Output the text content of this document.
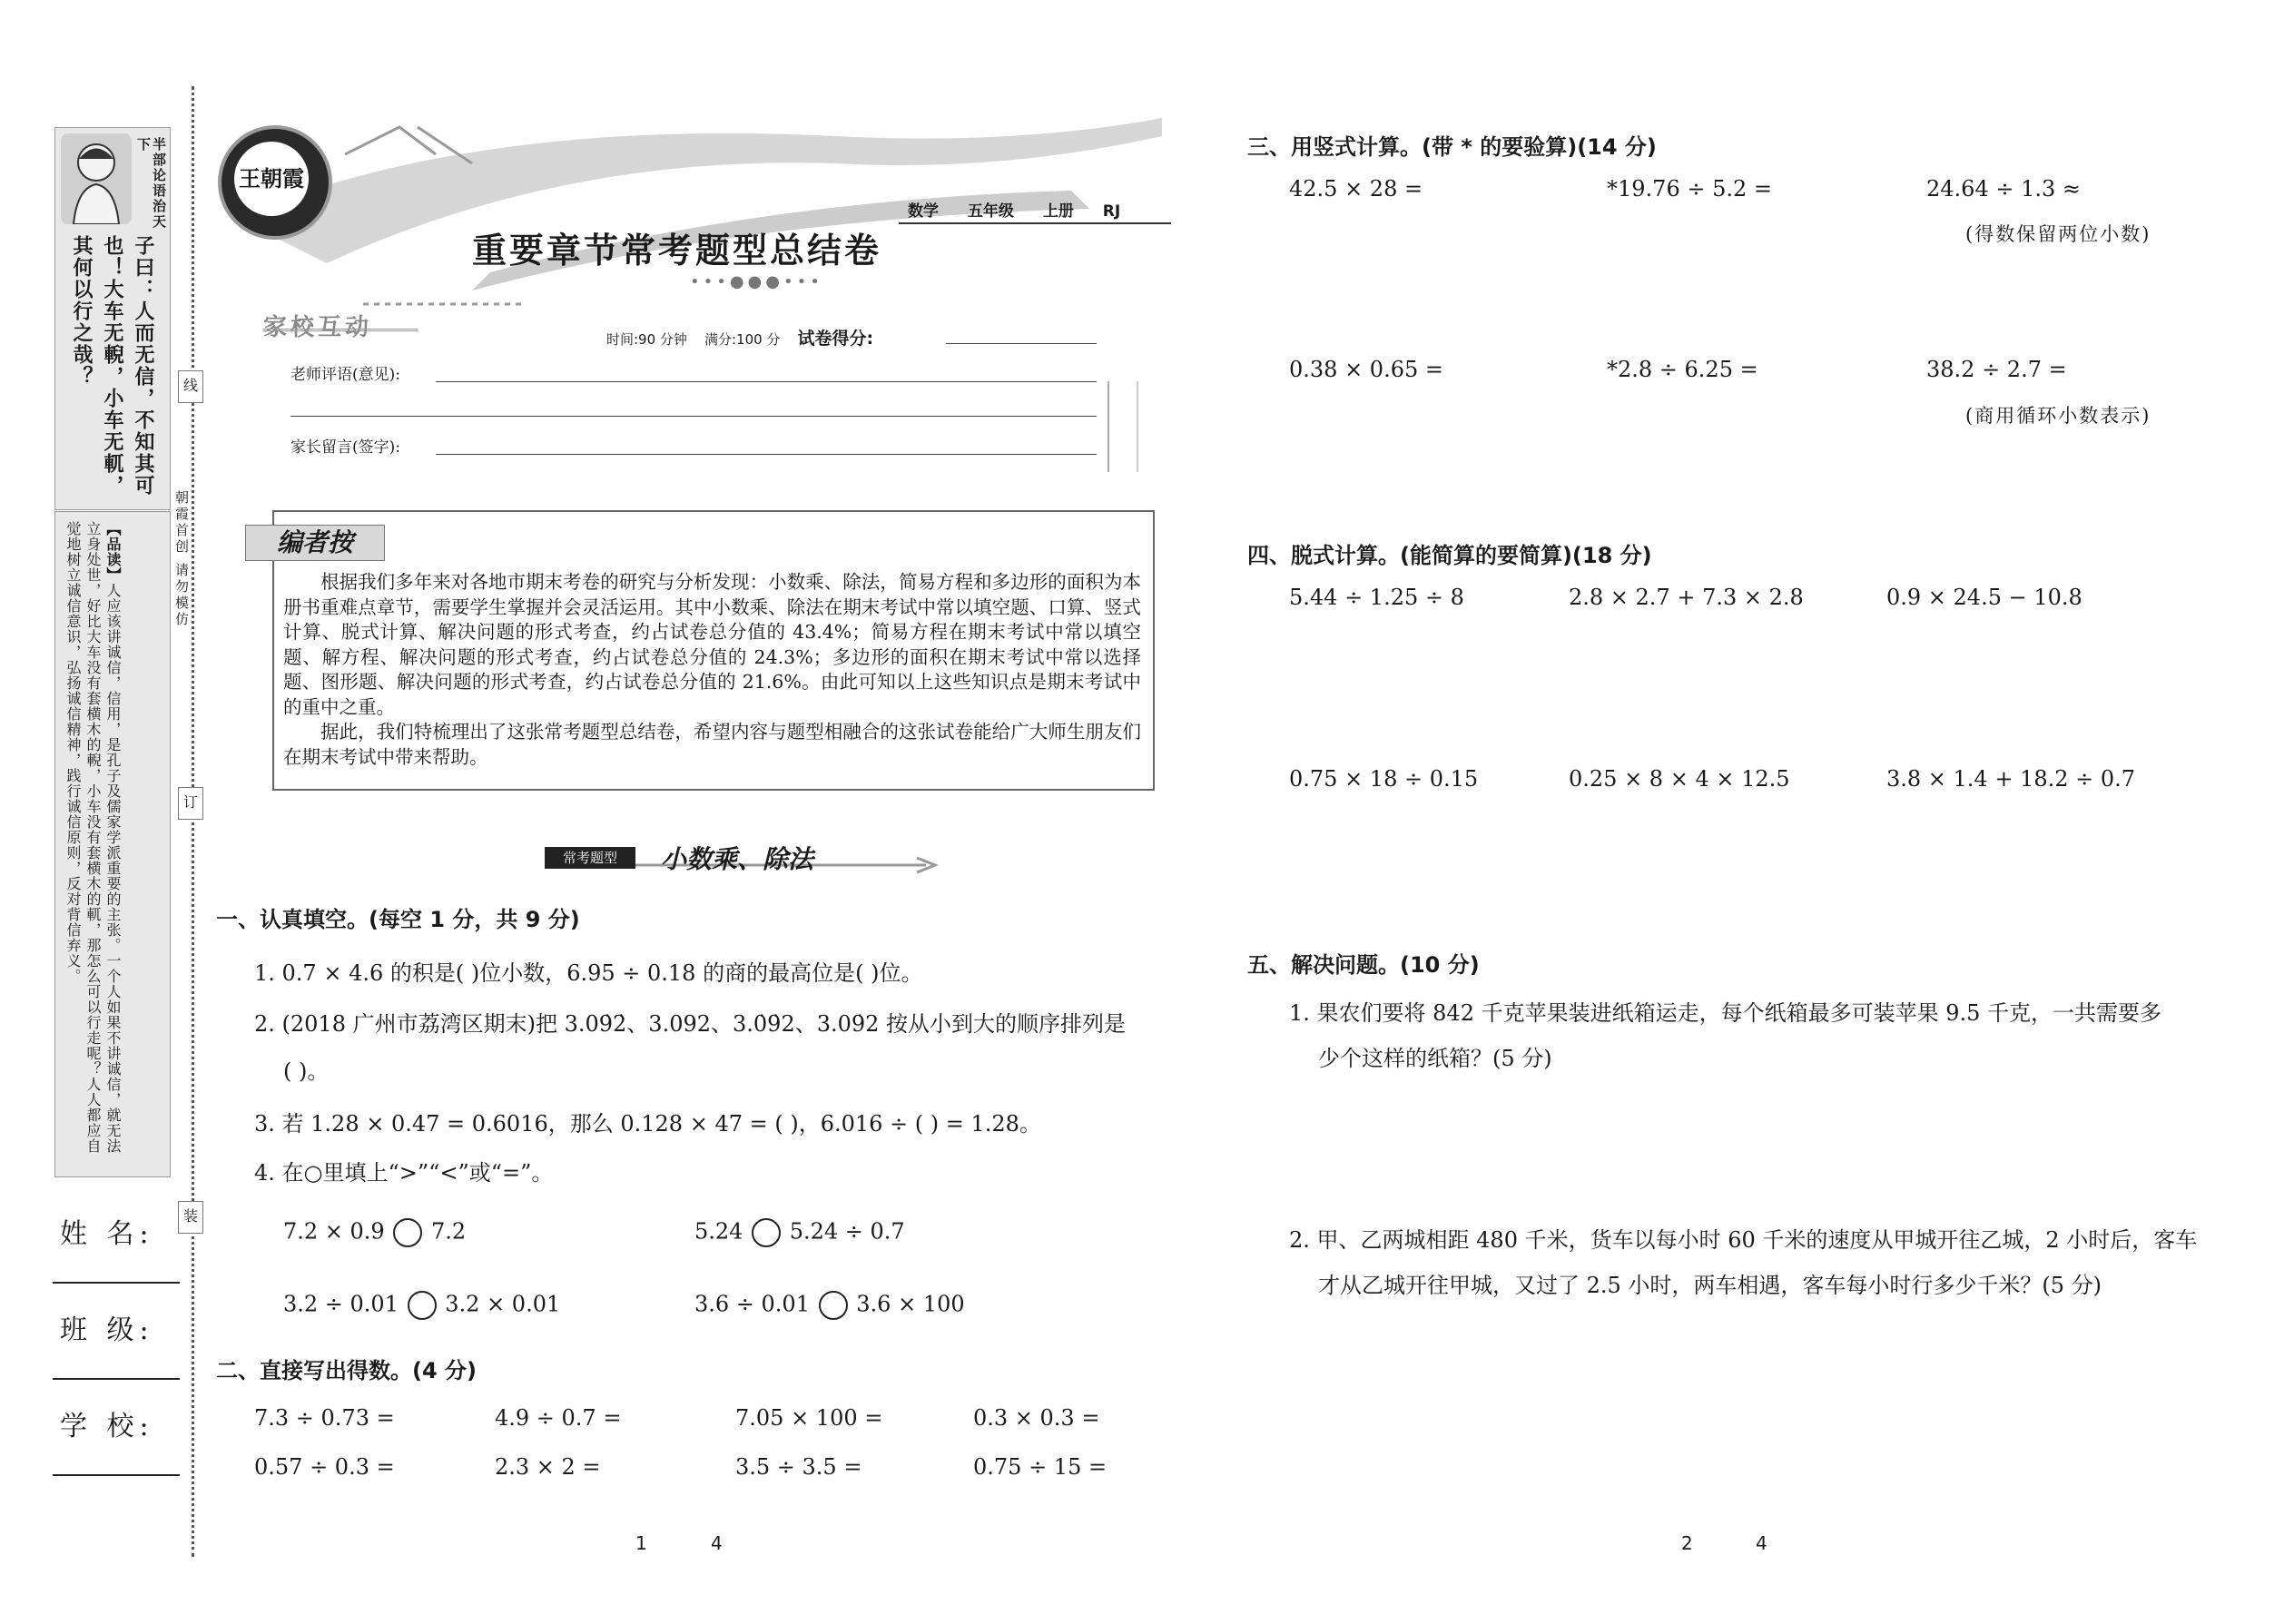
半部论语治天下
子曰：人而无信，不知其可也！大车无輗，小车无軏，其何以行之哉？
【品读】人应该讲诚信，信用，是孔子及儒家学派重要的主张。一个人如果不讲诚信，就无法立身处世，好比大车没有套横木的輗，小车没有套横木的軏，那怎么可以行走呢？人人都应自觉地树立诚信意识，弘扬诚信精神，践行诚信原则，反对背信弃义。	朝霞首创 请勿模仿
线
订
装
姓 名:
班 级:
学 校:
王朝霞
数学 五年级 上册 RJ
重要章节常考题型总结卷
•••●●●•••
家校互动	时间:90 分钟 满分:100 分 试卷得分:
老师评语(意见):
家长留言(签字):
编者按

根据我们多年来对各地市期末考卷的研究与分析发现：小数乘、除法，简易方程和多边形的面积为本册书重难点章节，需要学生掌握并会灵活运用。其中小数乘、除法在期末考试中常以填空题、口算、竖式计算、脱式计算、解决问题的形式考查，约占试卷总分值的 43.4%；简易方程在期末考试中常以填空题、解方程、解决问题的形式考查，约占试卷总分值的 24.3%；多边形的面积在期末考试中常以选择题、图形题、解决问题的形式考查，约占试卷总分值的 21.6%。由此可知以上这些知识点是期末考试中的重中之重。

据此，我们特梳理出了这张常考题型总结卷，希望内容与题型相融合的这张试卷能给广大师生朋友们在期末考试中带来帮助。

常考题型	小数乘、除法
一、认真填空。(每空 1 分，共 9 分)
1. 0.7 × 4.6 的积是( )位小数，6.95 ÷ 0.18 的商的最高位是( )位。
2. (2018 广州市荔湾区期末)把 3.09̇2̇、3.092、3.0̇9̇2、3.09̇2 按从小到大的顺序排列是
( )。
3. 若 1.28 × 0.47 = 0.6016，那么 0.128 × 47 = ( )，6.016 ÷ ( ) = 1.28。
4. 在○里填上“>”“<”或“=”。
7.2 × 0.9 7.2	5.24 5.24 ÷ 0.7
3.2 ÷ 0.01 3.2 × 0.01	3.6 ÷ 0.01 3.6 × 100
二、直接写出得数。(4 分)
7.3 ÷ 0.73 =	4.9 ÷ 0.7 =	7.05 × 100 =	0.3 × 0.3 =
0.57 ÷ 0.3 =	2.3 × 2 =	3.5 ÷ 3.5 =	0.75 ÷ 15 =
1	4
三、用竖式计算。(带 * 的要验算)(14 分)
42.5 × 28 =	*19.76 ÷ 5.2 =	24.64 ÷ 1.3 ≈
(得数保留两位小数)
0.38 × 0.65 =	*2.8 ÷ 6.25 =	38.2 ÷ 2.7 =
(商用循环小数表示)
四、脱式计算。(能简算的要简算)(18 分)
5.44 ÷ 1.25 ÷ 8	2.8 × 2.7 + 7.3 × 2.8	0.9 × 24.5 − 10.8
0.75 × 18 ÷ 0.15	0.25 × 8 × 4 × 12.5	3.8 × 1.4 + 18.2 ÷ 0.7
五、解决问题。(10 分)
1. 果农们要将 842 千克苹果装进纸箱运走，每个纸箱最多可装苹果 9.5 千克，一共需要多
少个这样的纸箱？(5 分)
2. 甲、乙两城相距 480 千米，货车以每小时 60 千米的速度从甲城开往乙城，2 小时后，客车
才从乙城开往甲城，又过了 2.5 小时，两车相遇，客车每小时行多少千米？(5 分)
2	4
